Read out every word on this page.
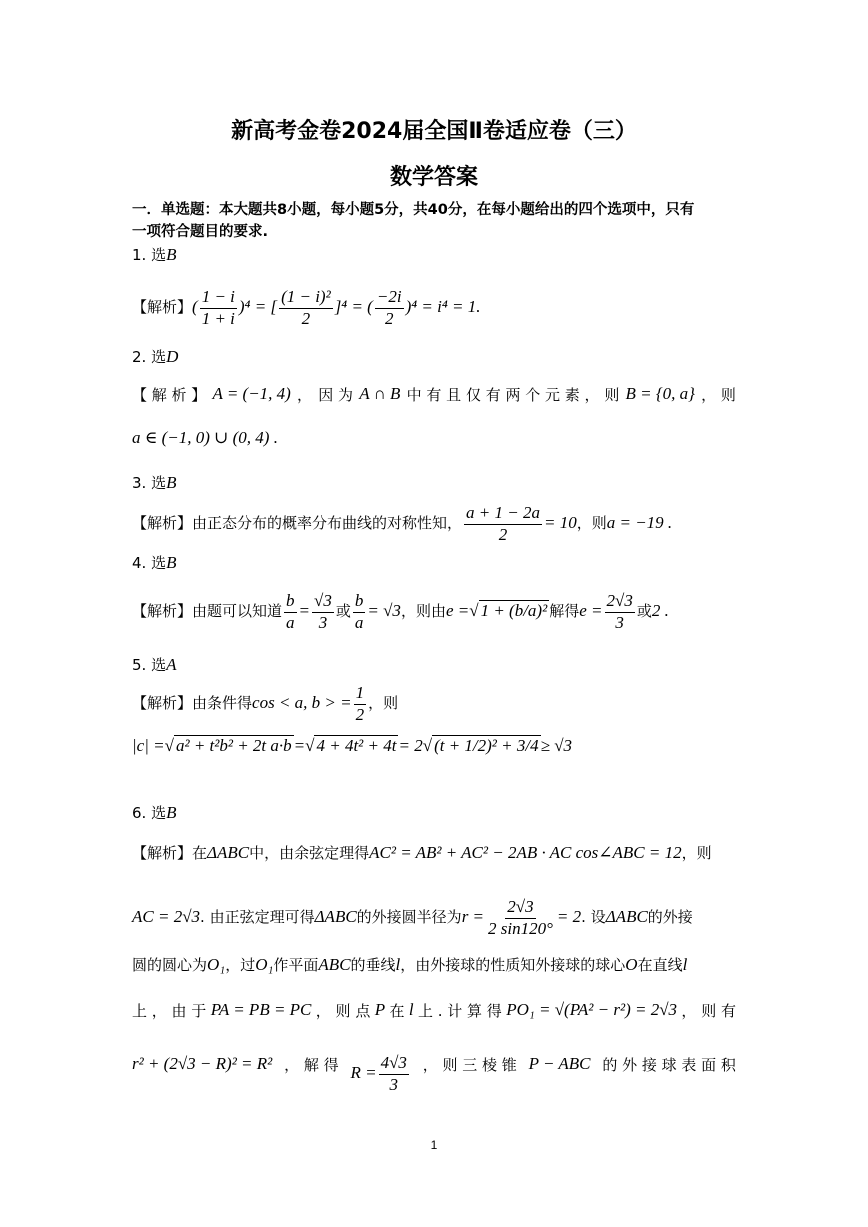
新高考金卷2024届全国Ⅱ卷适应卷（三）
数学答案
一．单选题：本大题共8小题，每小题5分，共40分，在每小题给出的四个选项中，只有
一项符合题目的要求.
1. 选B
【解析】( $\frac{1 - i}{1 + i} )^4$ = [ $\frac{\text{(1 − i)²}}{2} ]^4$ = ( $\frac{-2i}{2} )^4 = i^4 = 1$.
2. 选D
【 解 析 】 A = (−1, 4) ， 因 为 A ∩ B 中 有 且 仅 有 两 个 元 素 ， 则 B = {0, a} ， 则
a ∈ (−1, 0) ∪ (0, 4) .
3. 选B
【解析】由正态分布的概率分布曲线的对称性知， $\frac{a + 1 - 2a}{2} = 10$，则a = −19 .
4. 选B
【解析】由题可以知道 $\frac{b}{a} = \frac{√3}{3}$ 或 $\frac{b}{a} = √3$，则由e =√ 1 + (b/a)² 解得$e = \frac{2√3}{3}$ 或2 .
5. 选A
【解析】由条件得cos < a, b > = $\frac{1}{2}$ ，则
|c| =√ a² + t²b² + 2t a·b =√ 4 + 4t² + 4t = 2√ (t + 1/2)² + 3/4 ≥ √3
6. 选B
【解析】在ΔABC中，由余弦定理得AC² = AB² + AC² − 2AB · AC cos∠ABC = 12，则
AC = 2√3. 由正弦定理可得ΔABC的外接圆半径为$r = \frac{2√3}{2 \sin 120^\circ} = 2$. 设ΔABC的外接
圆的圆心为O₁，过O₁作平面ABC的垂线l，由外接球的性质知外接球的球心O在直线l
上 ， 由 于 PA = PB = PC ， 则 点 P 在 l 上 . 计 算 得 PO₁ = √(PA² − r²) = 2√3 ， 则 有
r² + (2√3 − R)² = R² ， 解 得 $R = \frac{4√3}{3}$ ， 则 三 棱 锥 P − ABC 的 外 接 球 表 面 积
1
